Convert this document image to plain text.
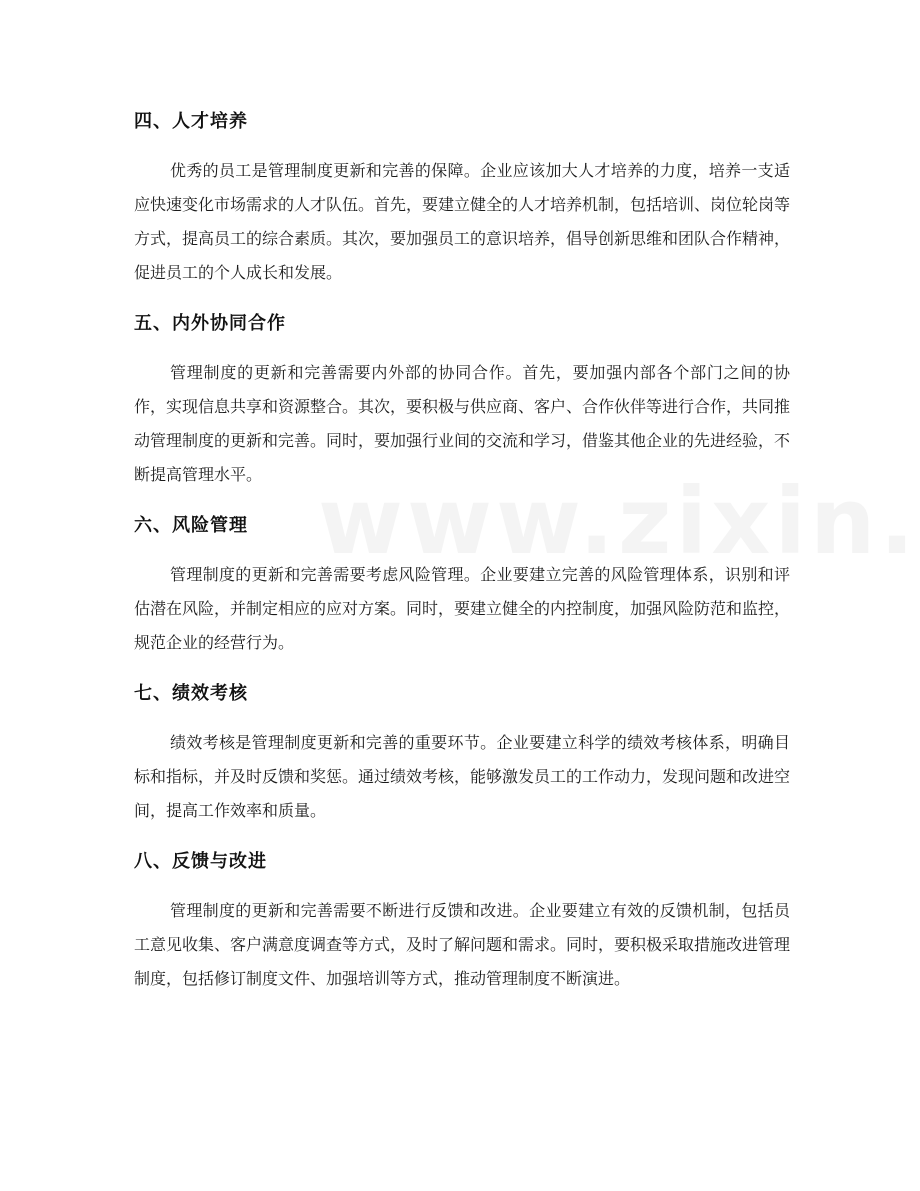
四、人才培养

优秀的员工是管理制度更新和完善的保障。企业应该加大人才培养的力度，培养一支适应快速变化市场需求的人才队伍。首先，要建立健全的人才培养机制，包括培训、岗位轮岗等方式，提高员工的综合素质。其次，要加强员工的意识培养，倡导创新思维和团队合作精神，促进员工的个人成长和发展。

五、内外协同合作

管理制度的更新和完善需要内外部的协同合作。首先，要加强内部各个部门之间的协作，实现信息共享和资源整合。其次，要积极与供应商、客户、合作伙伴等进行合作，共同推动管理制度的更新和完善。同时，要加强行业间的交流和学习，借鉴其他企业的先进经验，不断提高管理水平。

六、风险管理

管理制度的更新和完善需要考虑风险管理。企业要建立完善的风险管理体系，识别和评估潜在风险，并制定相应的应对方案。同时，要建立健全的内控制度，加强风险防范和监控，规范企业的经营行为。

七、绩效考核

绩效考核是管理制度更新和完善的重要环节。企业要建立科学的绩效考核体系，明确目标和指标，并及时反馈和奖惩。通过绩效考核，能够激发员工的工作动力，发现问题和改进空间，提高工作效率和质量。

八、反馈与改进

管理制度的更新和完善需要不断进行反馈和改进。企业要建立有效的反馈机制，包括员工意见收集、客户满意度调查等方式，及时了解问题和需求。同时，要积极采取措施改进管理制度，包括修订制度文件、加强培训等方式，推动管理制度不断演进。
